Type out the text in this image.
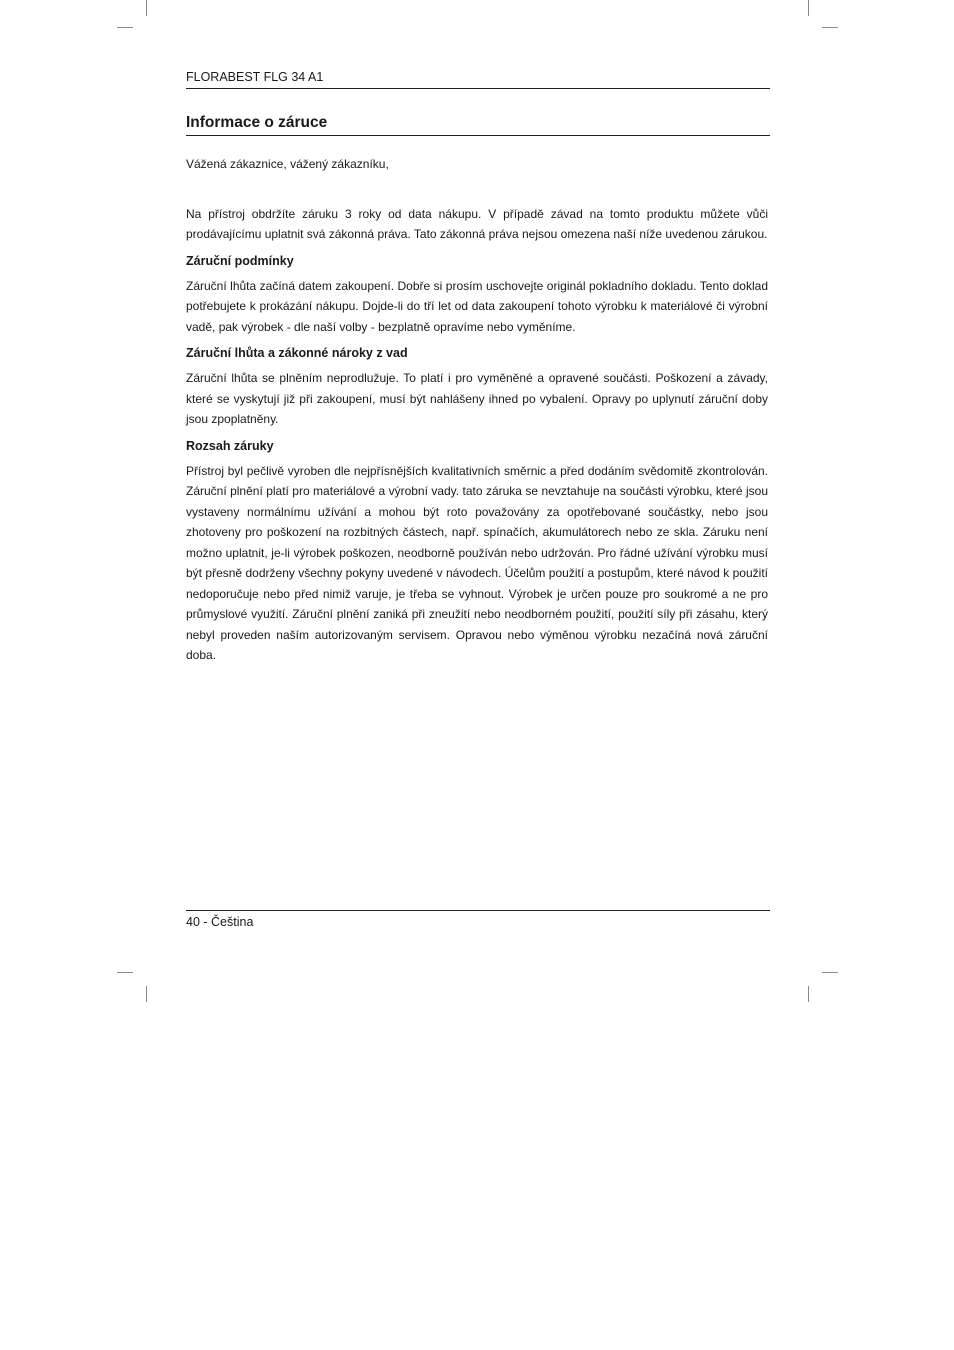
FLORABEST FLG 34 A1
Informace o záruce

Vážená zákaznice, vážený zákazníku,

Na přístroj obdržíte záruku 3 roky od data nákupu. V případě závad na tomto produktu můžete vůči prodávajícímu uplatnit svá zákonná práva. Tato zákonná práva nejsou omezena naší níže uvedenou zárukou.

Záruční podmínky

Záruční lhůta začíná datem zakoupení. Dobře si prosím uschovejte originál pokladního dokladu. Tento doklad potřebujete k prokázání nákupu. Dojde-li do tří let od data zakoupení tohoto výrobku k materiálové či výrobní vadě, pak výrobek - dle naší volby - bezplatně opravíme nebo vyměníme.

Záruční lhůta a zákonné nároky z vad

Záruční lhůta se plněním neprodlužuje. To platí i pro vyměněné a opravené součásti. Poškození a závady, které se vyskytují již při zakoupení, musí být nahlášeny ihned po vybalení. Opravy po uplynutí záruční doby jsou zpoplatněny.

Rozsah záruky

Přístroj byl pečlivě vyroben dle nejpřísnějších kvalitativních směrnic a před dodáním svědomitě zkontrolován. Záruční plnění platí pro materiálové a výrobní vady. tato záruka se nevztahuje na součásti výrobku, které jsou vystaveny normálnímu užívání a mohou být roto považovány za opotřebované součástky, nebo jsou zhotoveny pro poškození na rozbitných částech, např. spínačích, akumulátorech nebo ze skla. Záruku není možno uplatnit, je-li výrobek poškozen, neodborně používán nebo udržován. Pro řádné užívání výrobku musí být přesně dodrženy všechny pokyny uvedené v návodech. Účelům použití a postupům, které návod k použití nedoporučuje nebo před nimiž varuje, je třeba se vyhnout. Výrobek je určen pouze pro soukromé a ne pro průmyslové využití. Záruční plnění zaniká při zneužití nebo neodborném použití, použití síly při zásahu, který nebyl proveden naším autorizovaným servisem. Opravou nebo výměnou výrobku nezačíná nová záruční doba.

40 - Čeština
